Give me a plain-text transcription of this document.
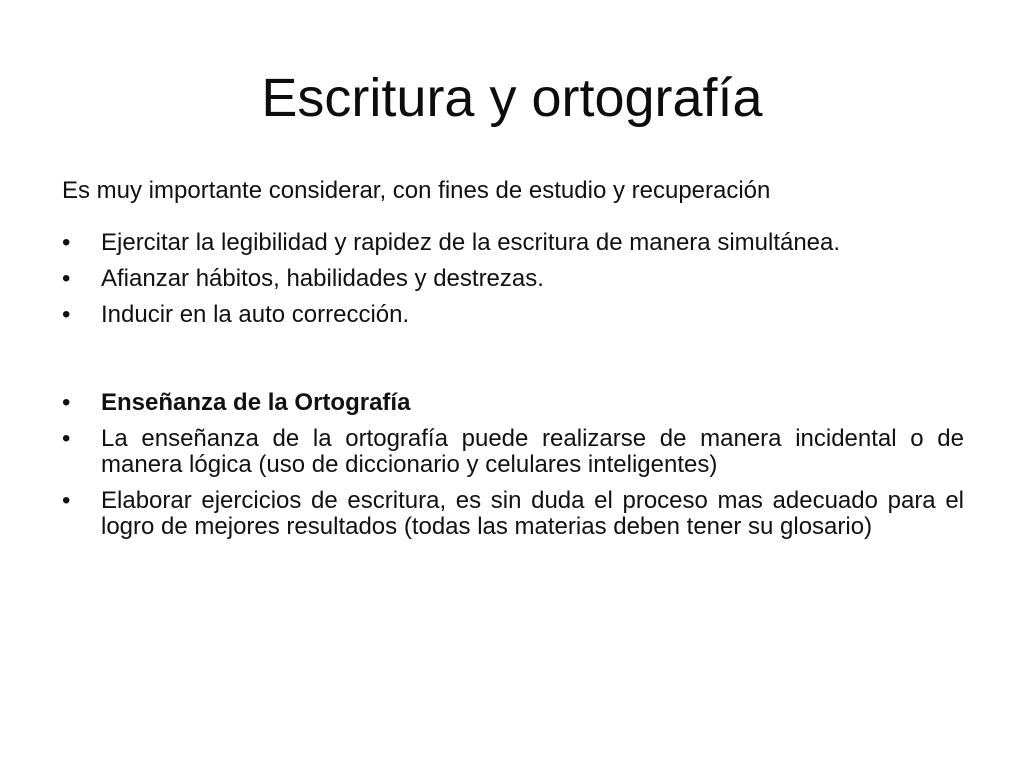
Escritura y ortografía

Es muy importante considerar, con fines de estudio y recuperación

• Ejercitar la legibilidad y rapidez de la escritura de manera simultánea.
• Afianzar hábitos, habilidades y destrezas.
• Inducir en la auto corrección.
• Enseñanza de la Ortografía
• La enseñanza de la ortografía puede realizarse de manera incidental o de manera lógica (uso de diccionario y celulares inteligentes)
• Elaborar ejercicios de escritura, es sin duda el proceso mas adecuado para el logro de mejores resultados (todas las materias deben tener su glosario)
